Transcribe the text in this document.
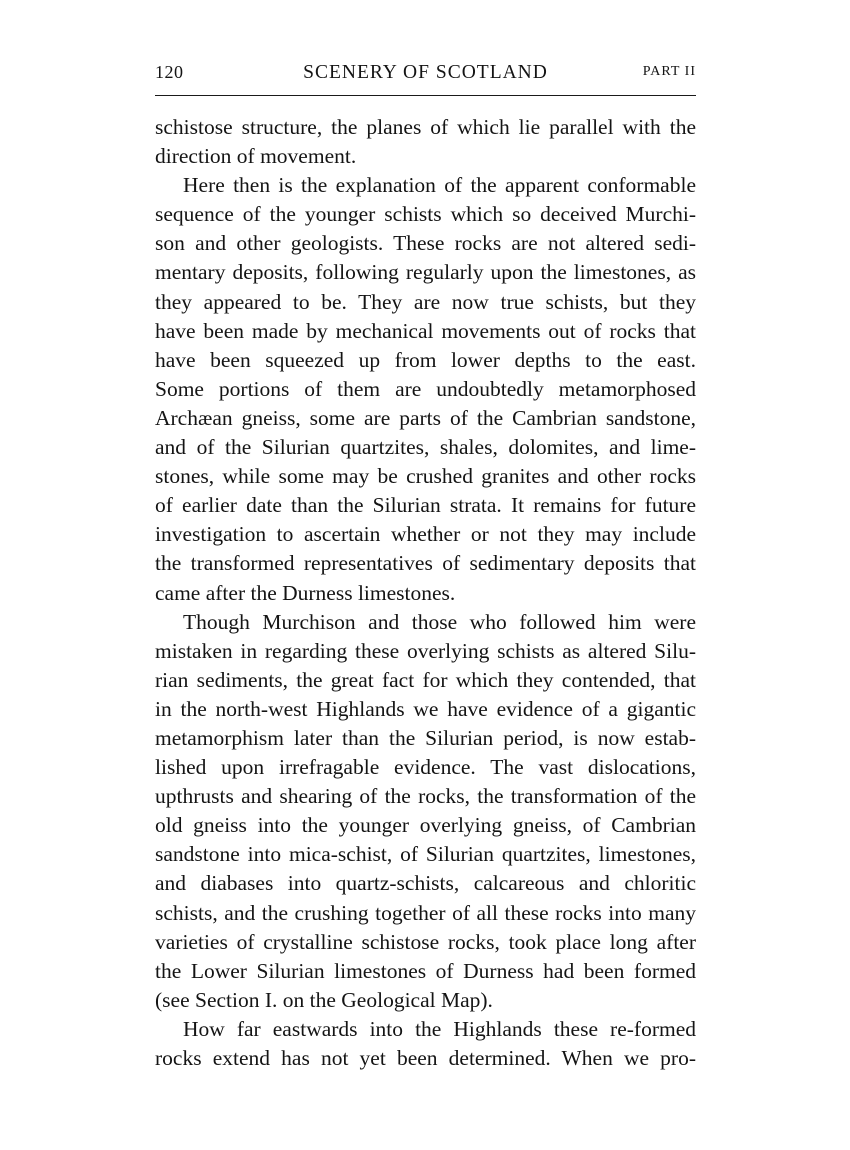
120	SCENERY OF SCOTLAND	PART II
schistose structure, the planes of which lie parallel with the
direction of movement.
Here then is the explanation of the apparent conformable
sequence of the younger schists which so deceived Murchi-
son and other geologists. These rocks are not altered sedi-
mentary deposits, following regularly upon the limestones, as
they appeared to be. They are now true schists, but they
have been made by mechanical movements out of rocks that
have been squeezed up from lower depths to the east.
Some portions of them are undoubtedly metamorphosed
Archæan gneiss, some are parts of the Cambrian sandstone,
and of the Silurian quartzites, shales, dolomites, and lime-
stones, while some may be crushed granites and other rocks
of earlier date than the Silurian strata. It remains for future
investigation to ascertain whether or not they may include
the transformed representatives of sedimentary deposits that
came after the Durness limestones.
Though Murchison and those who followed him were
mistaken in regarding these overlying schists as altered Silu-
rian sediments, the great fact for which they contended, that
in the north-west Highlands we have evidence of a gigantic
metamorphism later than the Silurian period, is now estab-
lished upon irrefragable evidence. The vast dislocations,
upthrusts and shearing of the rocks, the transformation of the
old gneiss into the younger overlying gneiss, of Cambrian
sandstone into mica-schist, of Silurian quartzites, limestones,
and diabases into quartz-schists, calcareous and chloritic
schists, and the crushing together of all these rocks into many
varieties of crystalline schistose rocks, took place long after
the Lower Silurian limestones of Durness had been formed
(see Section I. on the Geological Map).
How far eastwards into the Highlands these re-formed
rocks extend has not yet been determined. When we pro-
